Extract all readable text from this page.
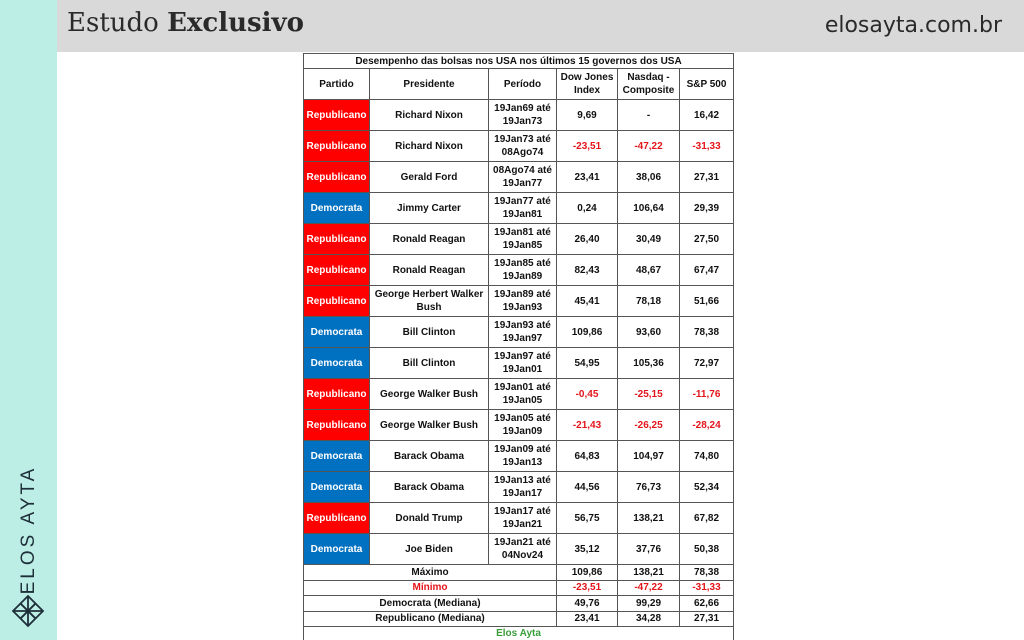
ELOS AYTA
Estudo Exclusivo	elosayta.com.br
Desempenho das bolsas nos USA nos últimos 15 governos dos USA					
Partido	Presidente	Período	Dow Jones Index	Nasdaq - Composite	S&P 500
Republicano	Richard Nixon	19Jan69 até 19Jan73	9,69	-	16,42
Republicano	Richard Nixon	19Jan73 até 08Ago74	-23,51	-47,22	-31,33
Republicano	Gerald Ford	08Ago74 até 19Jan77	23,41	38,06	27,31
Democrata	Jimmy Carter	19Jan77 até 19Jan81	0,24	106,64	29,39
Republicano	Ronald Reagan	19Jan81 até 19Jan85	26,40	30,49	27,50
Republicano	Ronald Reagan	19Jan85 até 19Jan89	82,43	48,67	67,47
Republicano	George Herbert Walker Bush	19Jan89 até 19Jan93	45,41	78,18	51,66
Democrata	Bill Clinton	19Jan93 até 19Jan97	109,86	93,60	78,38
Democrata	Bill Clinton	19Jan97 até 19Jan01	54,95	105,36	72,97
Republicano	George Walker Bush	19Jan01 até 19Jan05	-0,45	-25,15	-11,76
Republicano	George Walker Bush	19Jan05 até 19Jan09	-21,43	-26,25	-28,24
Democrata	Barack Obama	19Jan09 até 19Jan13	64,83	104,97	74,80
Democrata	Barack Obama	19Jan13 até 19Jan17	44,56	76,73	52,34
Republicano	Donald Trump	19Jan17 até 19Jan21	56,75	138,21	67,82
Democrata	Joe Biden	19Jan21 até 04Nov24	35,12	37,76	50,38
Máximo			109,86	138,21	78,38
Mínimo			-23,51	-47,22	-31,33
Democrata (Mediana)			49,76	99,29	62,66
Republicano (Mediana)			23,41	34,28	27,31
Elos Ayta					
